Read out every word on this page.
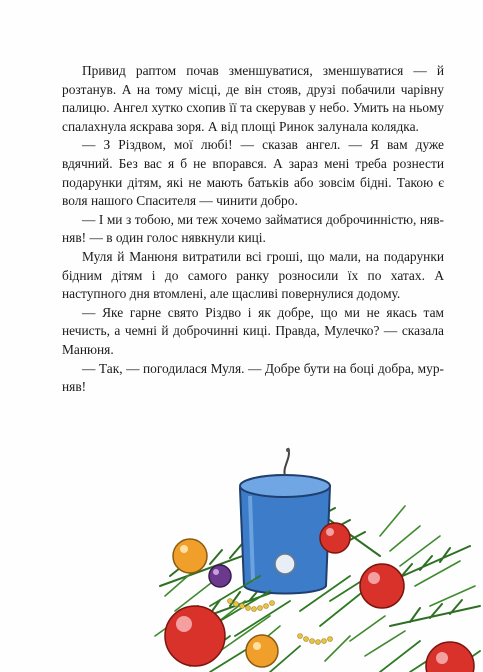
Привид раптом почав зменшуватися, зменшуватися — й розтанув. А на тому місці, де він стояв, друзі побачили чарівну палицю. Ангел хутко схопив її та скерував у небо. Умить на ньому спалахнула яскрава зоря. А від площі Ринок залунала колядка.

— З Різдвом, мої любі! — сказав ангел. — Я вам дуже вдячний. Без вас я б не впорався. А зараз мені треба рознести подарунки дітям, які не мають батьків або зовсім бідні. Такою є воля нашого Спасителя — чинити добро.

— І ми з тобою, ми теж хочемо займатися доброчинністю, няв-няв! — в один голос нявкнули киці.

Муля й Манюня витратили всі гроші, що мали, на подарунки бідним дітям і до самого ранку розносили їх по хатах. А наступного дня втомлені, але щасливі повернулися додому.

— Яке гарне свято Різдво і як добре, що ми не якась там нечисть, а чемні й доброчинні киці. Правда, Мулечко? — сказала Манюня.

— Так, — погодилася Муля. — Добре бути на боці добра, мур-няв!
